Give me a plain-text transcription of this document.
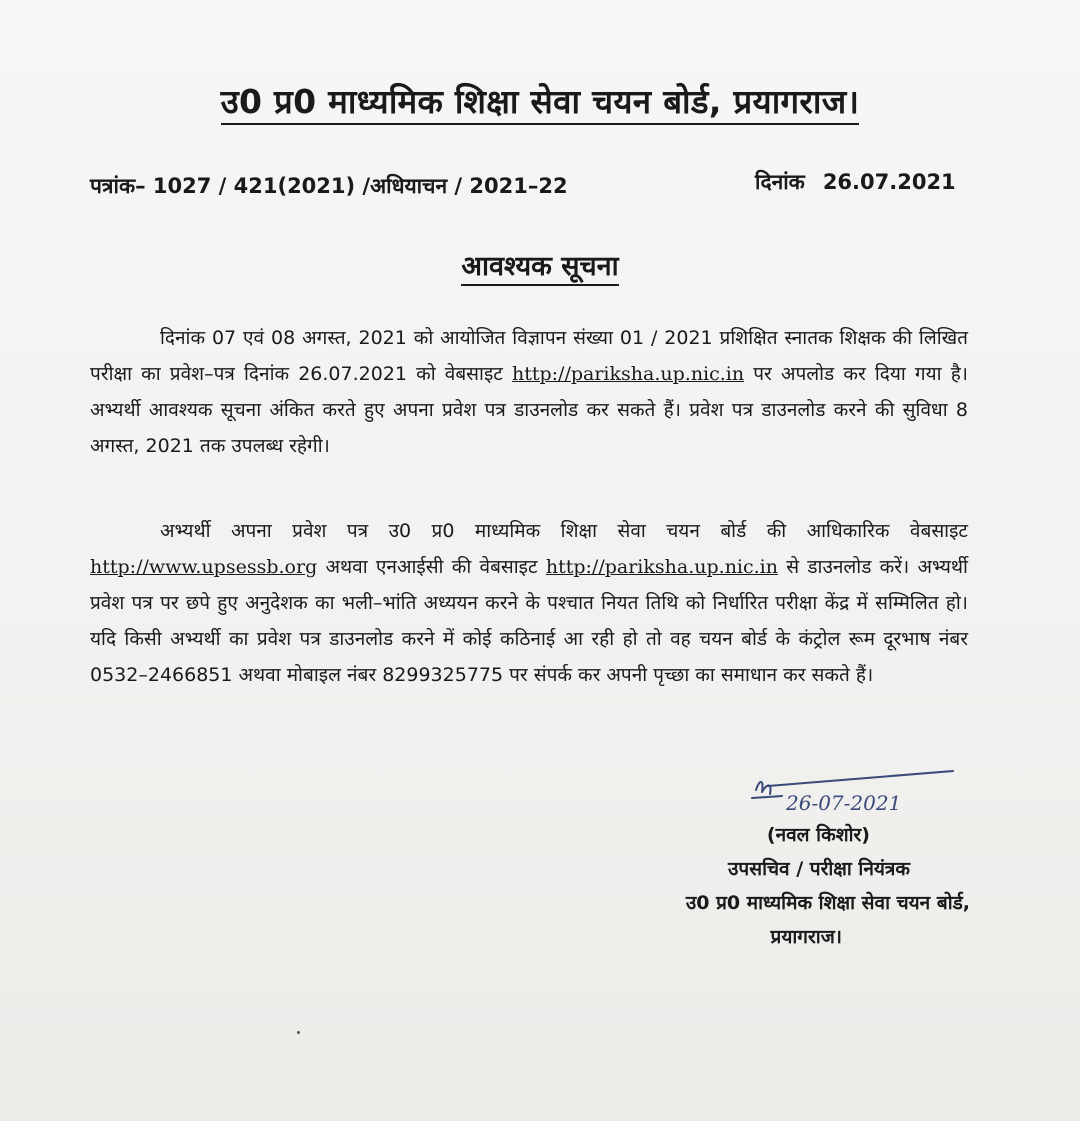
उ0 प्र0 माध्यमिक शिक्षा सेवा चयन बोर्ड, प्रयागराज।
पत्रांक– 1027 / 421(2021) /अधियाचन / 2021–22	दिनांक 26.07.2021
आवश्यक सूचना
दिनांक 07 एवं 08 अगस्त, 2021 को आयोजित विज्ञापन संख्या 01 / 2021 प्रशिक्षित स्नातक शिक्षक की लिखित परीक्षा का प्रवेश–पत्र दिनांक 26.07.2021 को वेबसाइट http://pariksha.up.nic.in पर अपलोड कर दिया गया है। अभ्यर्थी आवश्यक सूचना अंकित करते हुए अपना प्रवेश पत्र डाउनलोड कर सकते हैं। प्रवेश पत्र डाउनलोड करने की सुविधा 8 अगस्त, 2021 तक उपलब्ध रहेगी।
अभ्यर्थी अपना प्रवेश पत्र उ0 प्र0 माध्यमिक शिक्षा सेवा चयन बोर्ड की आधिकारिक वेबसाइट http://www.upsessb.org अथवा एनआईसी की वेबसाइट http://pariksha.up.nic.in से डाउनलोड करें। अभ्यर्थी प्रवेश पत्र पर छपे हुए अनुदेशक का भली–भांति अध्ययन करने के पश्चात नियत तिथि को निर्धारित परीक्षा केंद्र में सम्मिलित हो। यदि किसी अभ्यर्थी का प्रवेश पत्र डाउनलोड करने में कोई कठिनाई आ रही हो तो वह चयन बोर्ड के कंट्रोल रूम दूरभाष नंबर 0532–2466851 अथवा मोबाइल नंबर 8299325775 पर संपर्क कर अपनी पृच्छा का समाधान कर सकते हैं।
26-07-2021
(नवल किशोर)
उपसचिव / परीक्षा नियंत्रक
उ0 प्र0 माध्यमिक शिक्षा सेवा चयन बोर्ड,
प्रयागराज।
